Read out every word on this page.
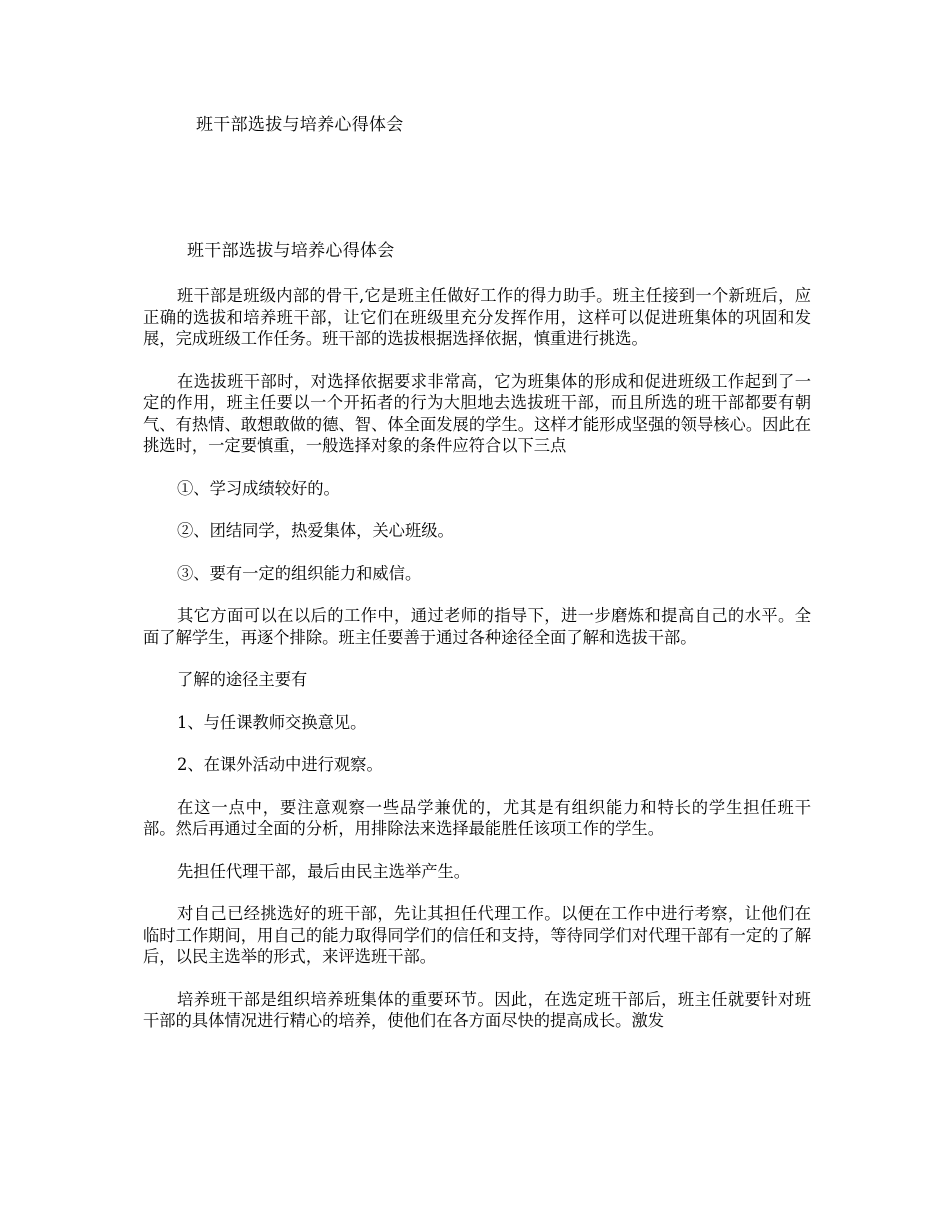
班干部选拔与培养心得体会
班干部选拔与培养心得体会

班干部是班级内部的骨干,它是班主任做好工作的得力助手。班主任接到一个新班后，应正确的选拔和培养班干部，让它们在班级里充分发挥作用，这样可以促进班集体的巩固和发展，完成班级工作任务。班干部的选拔根据选择依据，慎重进行挑选。

在选拔班干部时，对选择依据要求非常高，它为班集体的形成和促进班级工作起到了一定的作用，班主任要以一个开拓者的行为大胆地去选拔班干部，而且所选的班干部都要有朝气、有热情、敢想敢做的德、智、体全面发展的学生。这样才能形成坚强的领导核心。因此在挑选时，一定要慎重，一般选择对象的条件应符合以下三点

①、学习成绩较好的。

②、团结同学，热爱集体，关心班级。

③、要有一定的组织能力和威信。

其它方面可以在以后的工作中，通过老师的指导下，进一步磨炼和提高自己的水平。全面了解学生，再逐个排除。班主任要善于通过各种途径全面了解和选拔干部。

了解的途径主要有

1、与任课教师交换意见。

2、在课外活动中进行观察。

在这一点中，要注意观察一些品学兼优的，尤其是有组织能力和特长的学生担任班干部。然后再通过全面的分析，用排除法来选择最能胜任该项工作的学生。

先担任代理干部，最后由民主选举产生。

对自己已经挑选好的班干部，先让其担任代理工作。以便在工作中进行考察，让他们在临时工作期间，用自己的能力取得同学们的信任和支持，等待同学们对代理干部有一定的了解后，以民主选举的形式，来评选班干部。

培养班干部是组织培养班集体的重要环节。因此，在选定班干部后，班主任就要针对班干部的具体情况进行精心的培养，使他们在各方面尽快的提高成长。激发
